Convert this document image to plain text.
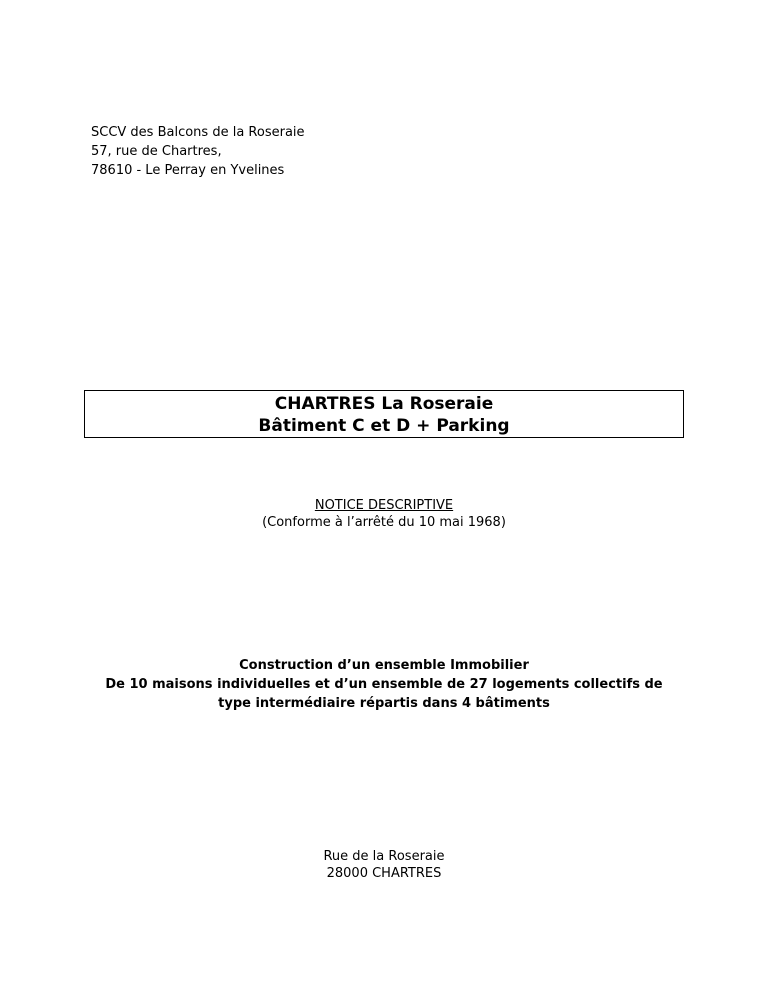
SCCV des Balcons de la Roseraie
57, rue de Chartres,
78610 - Le Perray en Yvelines
CHARTRES La Roseraie
Bâtiment C et D + Parking
NOTICE DESCRIPTIVE
(Conforme à l’arrêté du 10 mai 1968)
Construction d’un ensemble Immobilier
De 10 maisons individuelles et d’un ensemble de 27 logements collectifs de
type intermédiaire répartis dans 4 bâtiments
Rue de la Roseraie
28000 CHARTRES
